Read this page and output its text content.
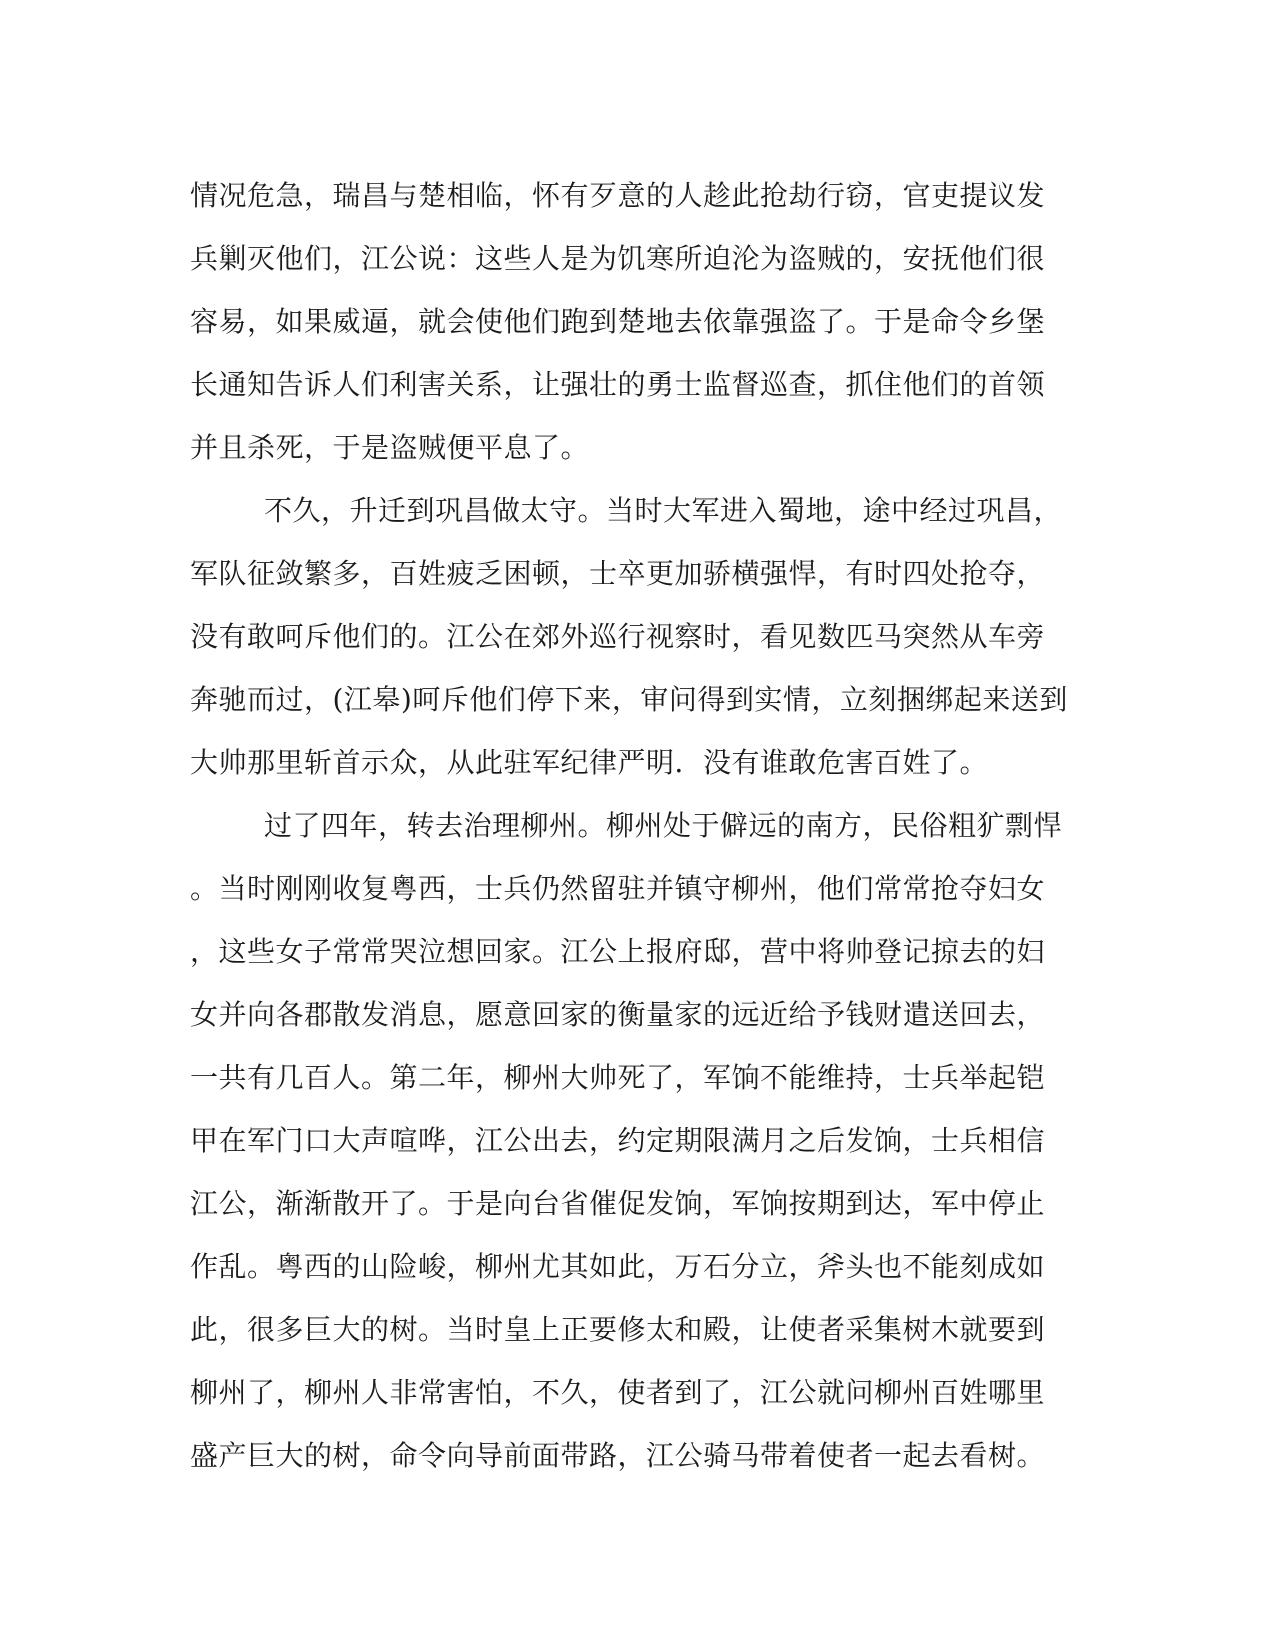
情况危急，瑞昌与楚相临，怀有歹意的人趁此抢劫行窃，官吏提议发
兵剿灭他们，江公说：这些人是为饥寒所迫沦为盗贼的，安抚他们很
容易，如果威逼，就会使他们跑到楚地去依靠强盗了。于是命令乡堡
长通知告诉人们利害关系，让强壮的勇士监督巡查，抓住他们的首领
并且杀死，于是盗贼便平息了。
不久，升迁到巩昌做太守。当时大军进入蜀地，途中经过巩昌，
军队征敛繁多，百姓疲乏困顿，士卒更加骄横强悍，有时四处抢夺，
没有敢呵斥他们的。江公在郊外巡行视察时，看见数匹马突然从车旁
奔驰而过，(江皋)呵斥他们停下来，审问得到实情，立刻捆绑起来送到
大帅那里斩首示众，从此驻军纪律严明．没有谁敢危害百姓了。
过了四年，转去治理柳州。柳州处于僻远的南方，民俗粗犷剽悍
。当时刚刚收复粤西，士兵仍然留驻并镇守柳州，他们常常抢夺妇女
，这些女子常常哭泣想回家。江公上报府邸，营中将帅登记掠去的妇
女并向各郡散发消息，愿意回家的衡量家的远近给予钱财遣送回去，
一共有几百人。第二年，柳州大帅死了，军饷不能维持，士兵举起铠
甲在军门口大声喧哗，江公出去，约定期限满月之后发饷，士兵相信
江公，渐渐散开了。于是向台省催促发饷，军饷按期到达，军中停止
作乱。粤西的山险峻，柳州尤其如此，万石分立，斧头也不能刻成如
此，很多巨大的树。当时皇上正要修太和殿，让使者采集树木就要到
柳州了，柳州人非常害怕，不久，使者到了，江公就问柳州百姓哪里
盛产巨大的树，命令向导前面带路，江公骑马带着使者一起去看树。
